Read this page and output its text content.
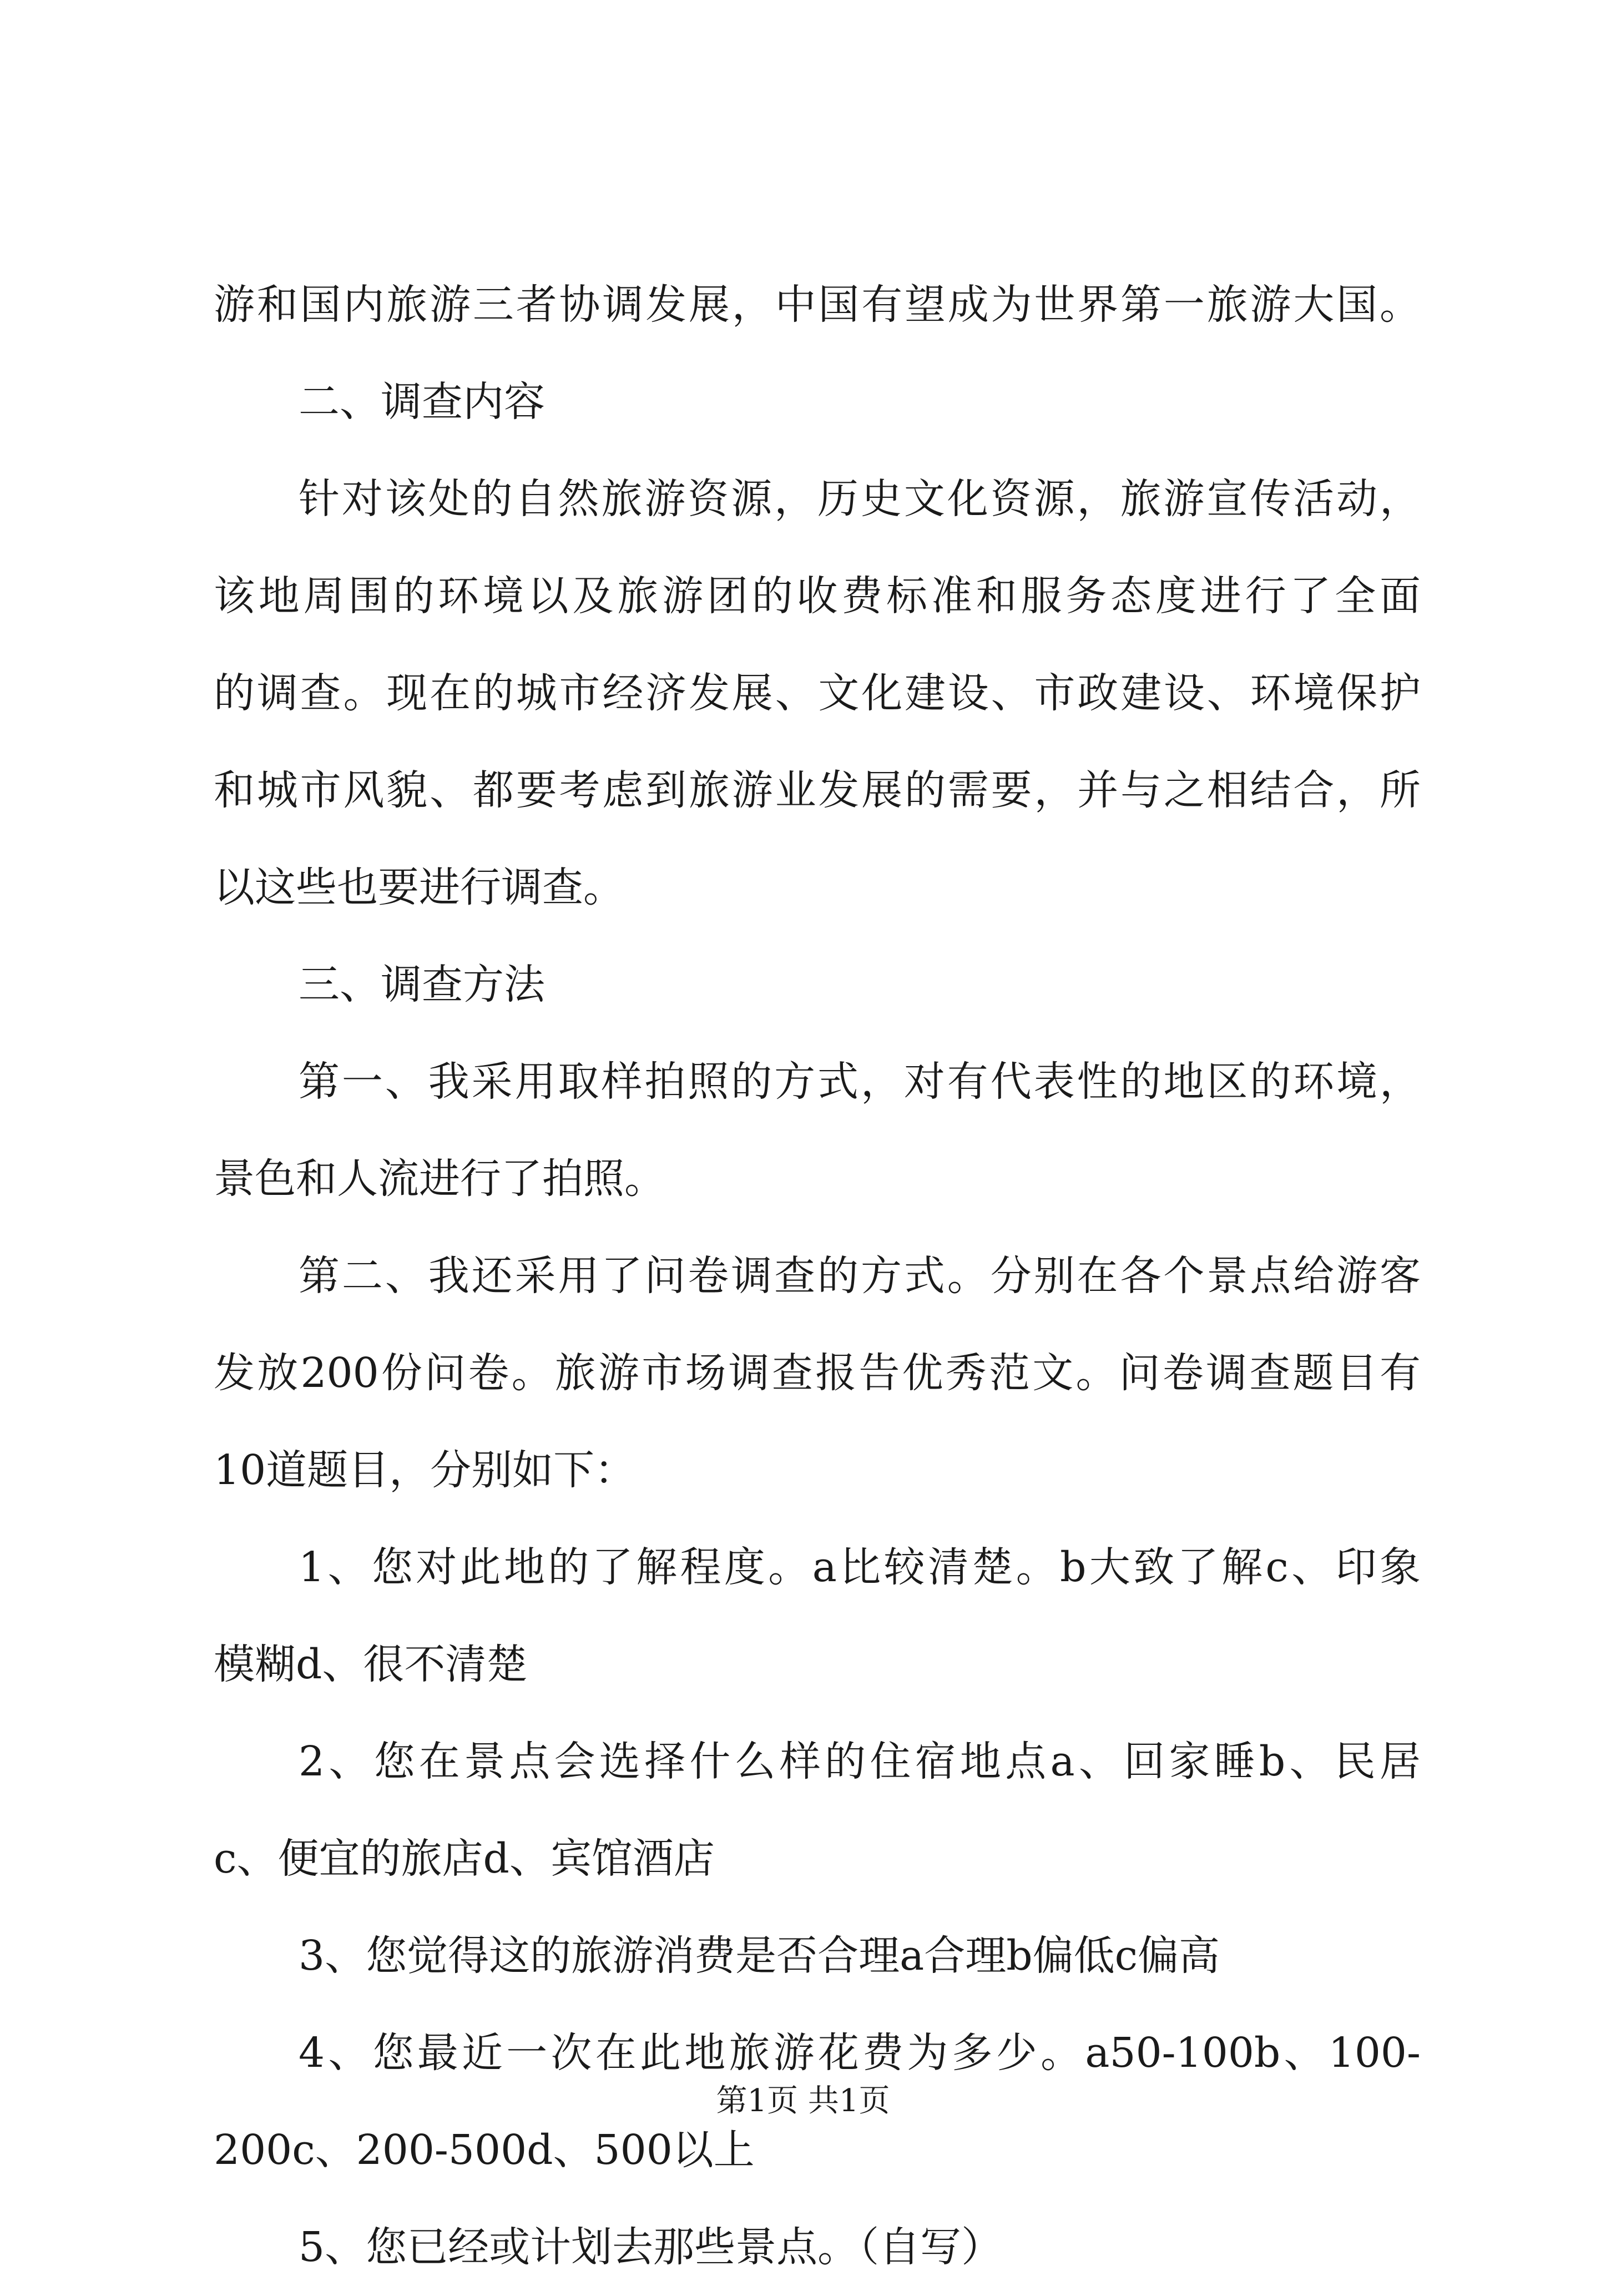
游和国内旅游三者协调发展，中国有望成为世界第一旅游大国。
二、调查内容
针对该处的自然旅游资源，历史文化资源，旅游宣传活动，
该地周围的环境以及旅游团的收费标准和服务态度进行了全面
的调查。现在的城市经济发展、文化建设、市政建设、环境保护
和城市风貌、都要考虑到旅游业发展的需要，并与之相结合，所
以这些也要进行调查。
三、调查方法
第一、我采用取样拍照的方式，对有代表性的地区的环境，
景色和人流进行了拍照。
第二、我还采用了问卷调查的方式。分别在各个景点给游客
发放200份问卷。旅游市场调查报告优秀范文。问卷调查题目有
10道题目，分别如下：
1、您对此地的了解程度。a比较清楚。b大致了解c、印象
模糊d、很不清楚
2、您在景点会选择什么样的住宿地点a、回家睡b、民居
c、便宜的旅店d、宾馆酒店
3、您觉得这的旅游消费是否合理a合理b偏低c偏高
4、您最近一次在此地旅游花费为多少。a50-100b、100-
200c、200-500d、500以上
5、您已经或计划去那些景点。（自写）
第1页 共1页
